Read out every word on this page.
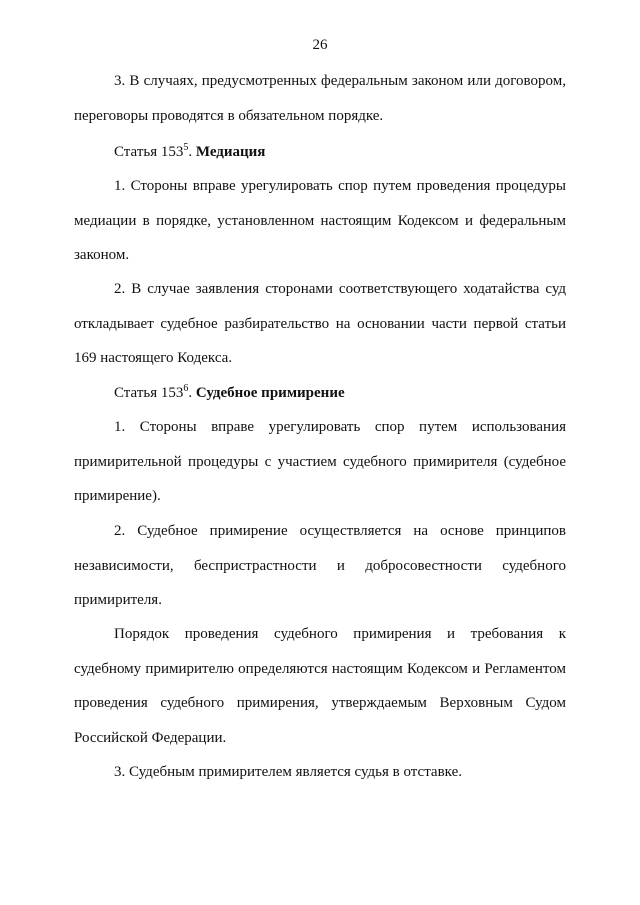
26

3. В случаях, предусмотренных федеральным законом или договором, переговоры проводятся в обязательном порядке.

Статья $153^5$. Медиация

1. Стороны вправе урегулировать спор путем проведения процедуры медиации в порядке, установленном настоящим Кодексом и федеральным законом.

2. В случае заявления сторонами соответствующего ходатайства суд откладывает судебное разбирательство на основании части первой статьи 169 настоящего Кодекса.

Статья $153^6$. Судебное примирение

1. Стороны вправе урегулировать спор путем использования примирительной процедуры с участием судебного примирителя (судебное примирение).

2. Судебное примирение осуществляется на основе принципов независимости, беспристрастности и добросовестности судебного примирителя.

Порядок проведения судебного примирения и требования к судебному примирителю определяются настоящим Кодексом и Регламентом проведения судебного примирения, утверждаемым Верховным Судом Российской Федерации.

3. Судебным примирителем является судья в отставке.
